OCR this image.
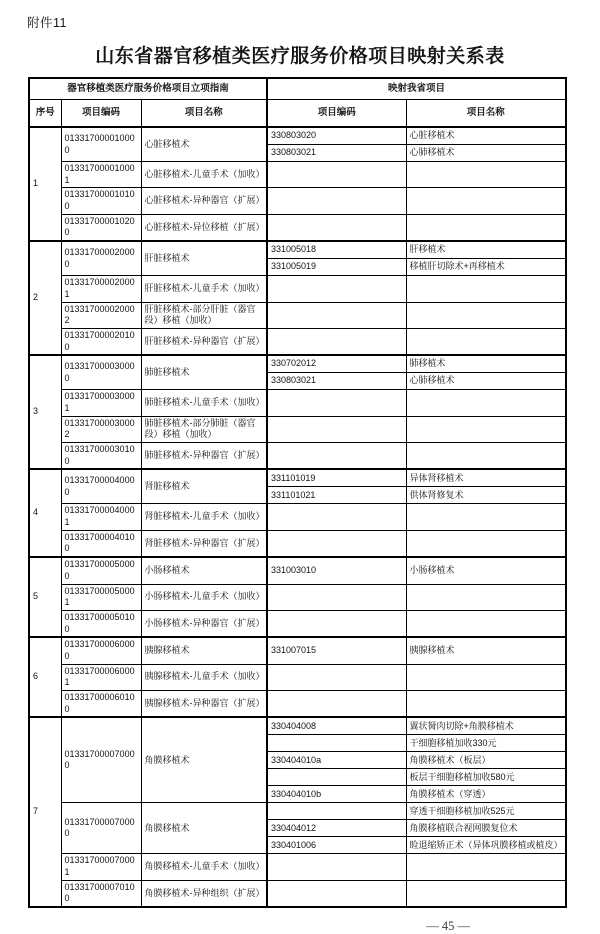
附件11
山东省器官移植类医疗服务价格项目映射关系表
器官移植类医疗服务价格项目立项指南			映射我省项目	
序号	项目编码	项目名称	项目编码	项目名称
1	013317000010000	心脏移植术	330803020	心脏移植术
			330803021	心肺移植术
	013317000010001	心脏移植术-儿童手术（加收）		
	013317000010100	心脏移植术-异种器官（扩展）		
	013317000010200	心脏移植术-异位移植（扩展）		
2	013317000020000	肝脏移植术	331005018	肝移植术
			331005019	移植肝切除术+再移植术
	013317000020001	肝脏移植术-儿童手术（加收）		
	013317000020002	肝脏移植术-部分肝脏（器官段）移植（加收）		
	013317000020100	肝脏移植术-异种器官（扩展）		
3	013317000030000	肺脏移植术	330702012	肺移植术
			330803021	心肺移植术
	013317000030001	肺脏移植术-儿童手术（加收）		
	013317000030002	肺脏移植术-部分肺脏（器官段）移植（加收）		
	013317000030100	肺脏移植术-异种器官（扩展）		
4	013317000040000	肾脏移植术	331101019	异体肾移植术
			331101021	供体肾修复术
	013317000040001	肾脏移植术-儿童手术（加收）		
	013317000040100	肾脏移植术-异种器官（扩展）		
5	013317000050000	小肠移植术	331003010	小肠移植术
	013317000050001	小肠移植术-儿童手术（加收）		
	013317000050100	小肠移植术-异种器官（扩展）		
6	013317000060000	胰腺移植术	331007015	胰腺移植术
	013317000060001	胰腺移植术-儿童手术（加收）		
	013317000060100	胰腺移植术-异种器官（扩展）		
7	013317000070000	角膜移植术	330404008	翼状胬肉切除+角膜移植术
				干细胞移植加收330元
			330404010a	角膜移植术（板层）
				板层干细胞移植加收580元
			330404010b	角膜移植术（穿透）
	013317000070000	角膜移植术		穿透干细胞移植加收525元
			330404012	角膜移植联合视网膜复位术
			330401006	睑退缩矫正术（异体巩膜移植或植皮）
	013317000070001	角膜移植术-儿童手术（加收）		
	013317000070100	角膜移植术-异种组织（扩展）		
— 45 —
